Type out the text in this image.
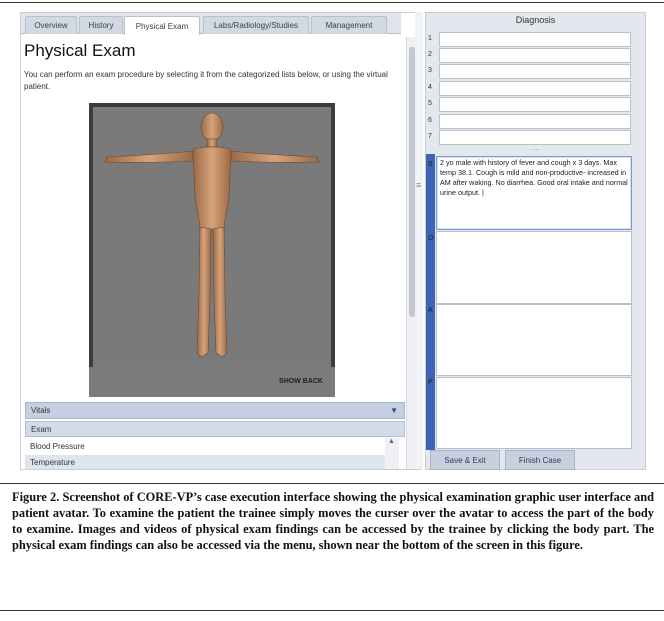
Overview	History	Physical Exam	Labs/Radiology/Studies	Management
Physical Exam
You can perform an exam procedure by selecting it from the categorized lists below, or using the virtual patient.
SHOW BACK
Vitals	▼
Exam
Blood Pressure
Temperature
▲
≡
Diagnosis
1
2
3
4
5
6
7
....
S	2 yo male with history of fever and cough x 3 days. Max temp 38.1. Cough is mild and non-productive- increased in AM after waking. No diarrhea. Good oral intake and normal urine output. |
O
A
P
Save & Exit	Finish Case
Figure 2. Screenshot of CORE-VP’s case execution interface showing the physical examination graphic user interface and patient avatar. To examine the patient the trainee simply moves the curser over the avatar to access the part of the body to examine. Images and videos of physical exam findings can be accessed by the trainee by clicking the body part. The physical exam findings can also be accessed via the menu, shown near the bottom of the screen in this figure.
